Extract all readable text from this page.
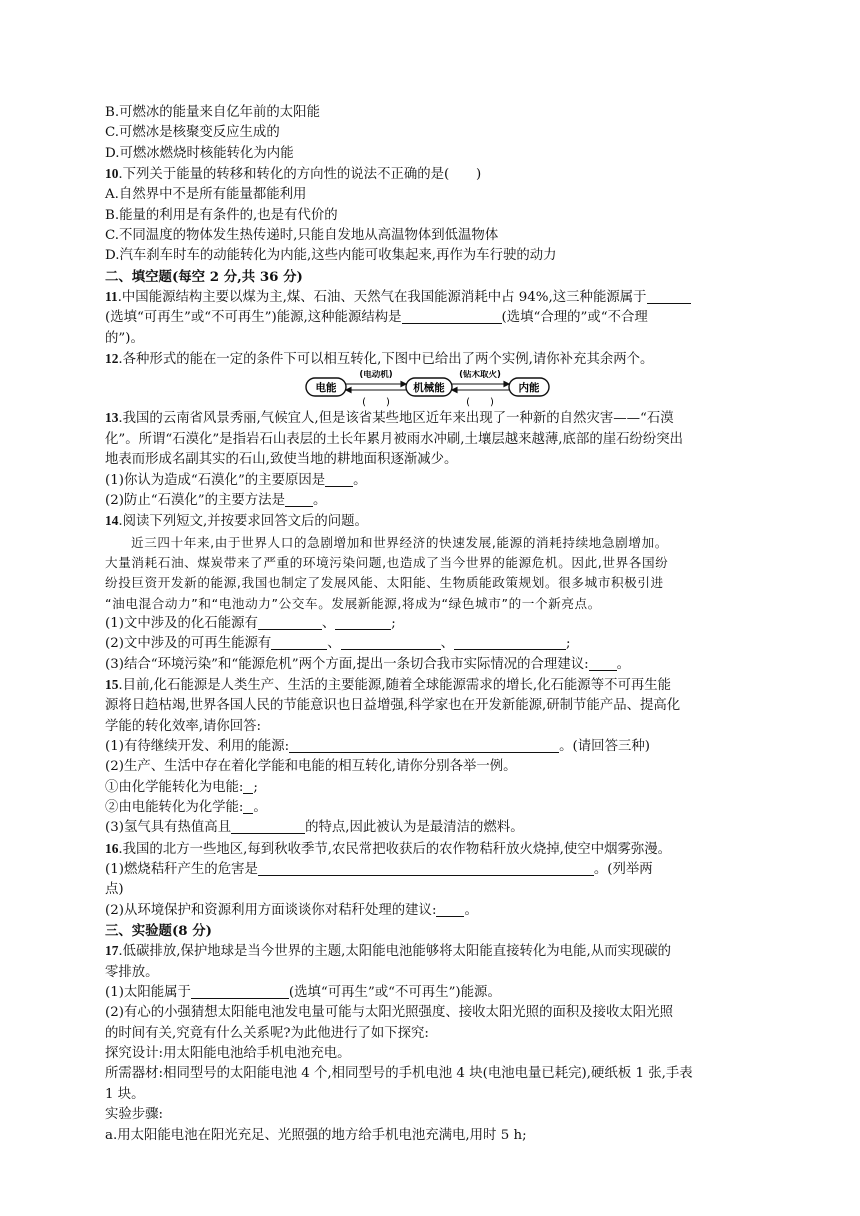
B.可燃冰的能量来自亿年前的太阳能
C.可燃冰是核聚变反应生成的
D.可燃冰燃烧时核能转化为内能
10.下列关于能量的转移和转化的方向性的说法不正确的是(　　)
A.自然界中不是所有能量都能利用
B.能量的利用是有条件的,也是有代价的
C.不同温度的物体发生热传递时,只能自发地从高温物体到低温物体
D.汽车刹车时车的动能转化为内能,这些内能可收集起来,再作为车行驶的动力
二、填空题(每空 2 分,共 36 分)
11.中国能源结构主要以煤为主,煤、石油、天然气在我国能源消耗中占 94%,这三种能源属于
(选填“可再生”或“不可再生”)能源,这种能源结构是	(选填“合理的”或“不合理
的”)。
12.各种形式的能在一定的条件下可以相互转化,下图中已给出了两个实例,请你补充其余两个。
电能	机械能	内能
(电动机)	(钻木取火)
(　　)	(　　)
13.我国的云南省风景秀丽,气候宜人,但是该省某些地区近年来出现了一种新的自然灾害——“石漠
化”。所谓“石漠化”是指岩石山表层的土长年累月被雨水冲刷,土壤层越来越薄,底部的崖石纷纷突出
地表而形成名副其实的石山,致使当地的耕地面积逐渐减少。
(1)你认为造成“石漠化”的主要原因是 。
(2)防止“石漠化”的主要方法是 。
14.阅读下列短文,并按要求回答文后的问题。
近三四十年来,由于世界人口的急剧增加和世界经济的快速发展,能源的消耗持续地急剧增加。
大量消耗石油、煤炭带来了严重的环境污染问题,也造成了当今世界的能源危机。因此,世界各国纷
纷投巨资开发新的能源,我国也制定了发展风能、太阳能、生物质能政策规划。很多城市积极引进
“油电混合动力”和“电池动力”公交车。发展新能源,将成为“绿色城市”的一个新亮点。
(1)文中涉及的化石能源有	、	;
(2)文中涉及的可再生能源有	、	、	;
(3)结合“环境污染”和“能源危机”两个方面,提出一条切合我市实际情况的合理建议: 。
15.目前,化石能源是人类生产、生活的主要能源,随着全球能源需求的增长,化石能源等不可再生能
源将日趋枯竭,世界各国人民的节能意识也日益增强,科学家也在开发新能源,研制节能产品、提高化
学能的转化效率,请你回答:
(1)有待继续开发、利用的能源:	。(请回答三种)
(2)生产、生活中存在着化学能和电能的相互转化,请你分别各举一例。
①由化学能转化为电能: ;
②由电能转化为化学能: 。
(3)氢气具有热值高且	的特点,因此被认为是最清洁的燃料。
16.我国的北方一些地区,每到秋收季节,农民常把收获后的农作物秸秆放火烧掉,使空中烟雾弥漫。
(1)燃烧秸秆产生的危害是	。(列举两
点)
(2)从环境保护和资源利用方面谈谈你对秸秆处理的建议: 。
三、实验题(8 分)
17.低碳排放,保护地球是当今世界的主题,太阳能电池能够将太阳能直接转化为电能,从而实现碳的
零排放。
(1)太阳能属于	(选填“可再生”或“不可再生”)能源。
(2)有心的小强猜想太阳能电池发电量可能与太阳光照强度、接收太阳光照的面积及接收太阳光照
的时间有关,究竟有什么关系呢?为此他进行了如下探究:
探究设计:用太阳能电池给手机电池充电。
所需器材:相同型号的太阳能电池 4 个,相同型号的手机电池 4 块(电池电量已耗完),硬纸板 1 张,手表
1 块。
实验步骤:
a.用太阳能电池在阳光充足、光照强的地方给手机电池充满电,用时 5 h;
